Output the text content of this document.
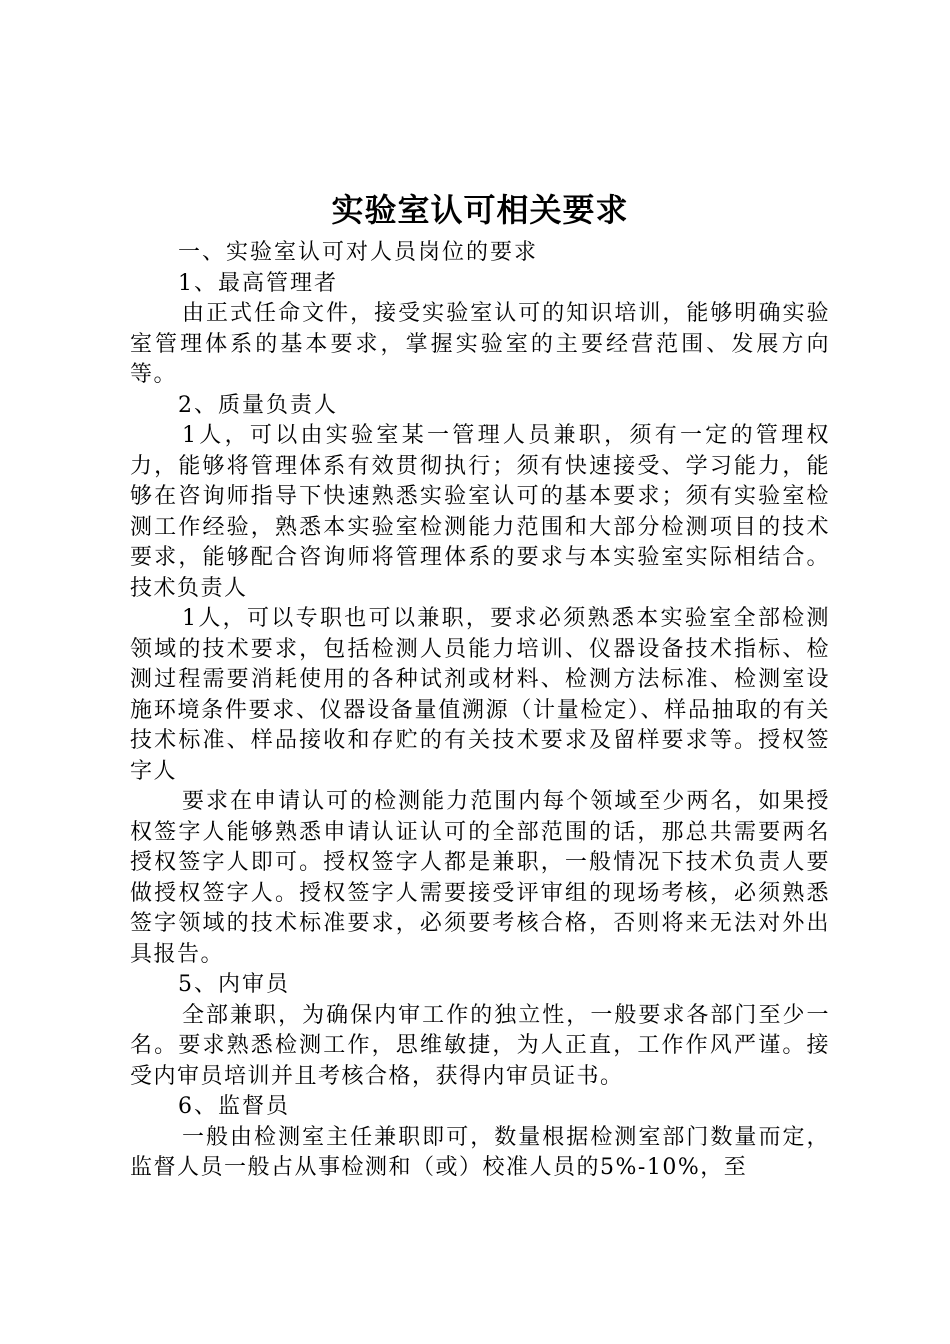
实验室认可相关要求

一、实验室认可对人员岗位的要求

1、最高管理者

由正式任命文件，接受实验室认可的知识培训，能够明确实验室管理体系的基本要求，掌握实验室的主要经营范围、发展方向等。

2、质量负责人

1人，可以由实验室某一管理人员兼职，须有一定的管理权力，能够将管理体系有效贯彻执行；须有快速接受、学习能力，能够在咨询师指导下快速熟悉实验室认可的基本要求；须有实验室检测工作经验，熟悉本实验室检测能力范围和大部分检测项目的技术要求，能够配合咨询师将管理体系的要求与本实验室实际相结合。技术负责人

1人，可以专职也可以兼职，要求必须熟悉本实验室全部检测领域的技术要求，包括检测人员能力培训、仪器设备技术指标、检测过程需要消耗使用的各种试剂或材料、检测方法标准、检测室设施环境条件要求、仪器设备量值溯源（计量检定）、样品抽取的有关技术标准、样品接收和存贮的有关技术要求及留样要求等。授权签字人

要求在申请认可的检测能力范围内每个领域至少两名，如果授权签字人能够熟悉申请认证认可的全部范围的话，那总共需要两名授权签字人即可。授权签字人都是兼职，一般情况下技术负责人要做授权签字人。授权签字人需要接受评审组的现场考核，必须熟悉签字领域的技术标准要求，必须要考核合格，否则将来无法对外出具报告。

5、内审员

全部兼职，为确保内审工作的独立性，一般要求各部门至少一名。要求熟悉检测工作，思维敏捷，为人正直，工作作风严谨。接受内审员培训并且考核合格，获得内审员证书。

6、监督员

一般由检测室主任兼职即可，数量根据检测室部门数量而定，监督人员一般占从事检测和（或）校准人员的5%-10%，至
